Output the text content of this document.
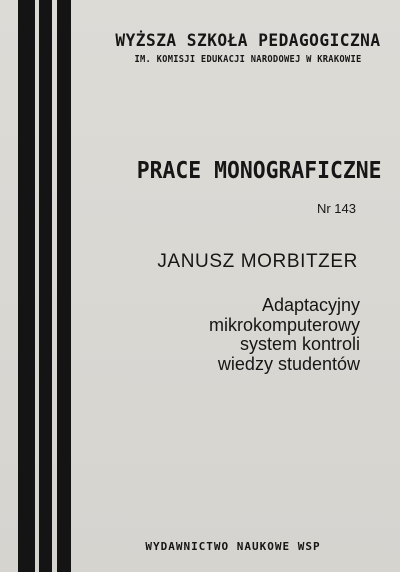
WYŻSZA SZKOŁA PEDAGOGICZNA
IM. KOMISJI EDUKACJI NARODOWEJ W KRAKOWIE
PRACE MONOGRAFICZNE
Nr 143
JANUSZ MORBITZER
Adaptacyjny
mikrokomputerowy
system kontroli
wiedzy studentów
WYDAWNICTWO NAUKOWE WSP
